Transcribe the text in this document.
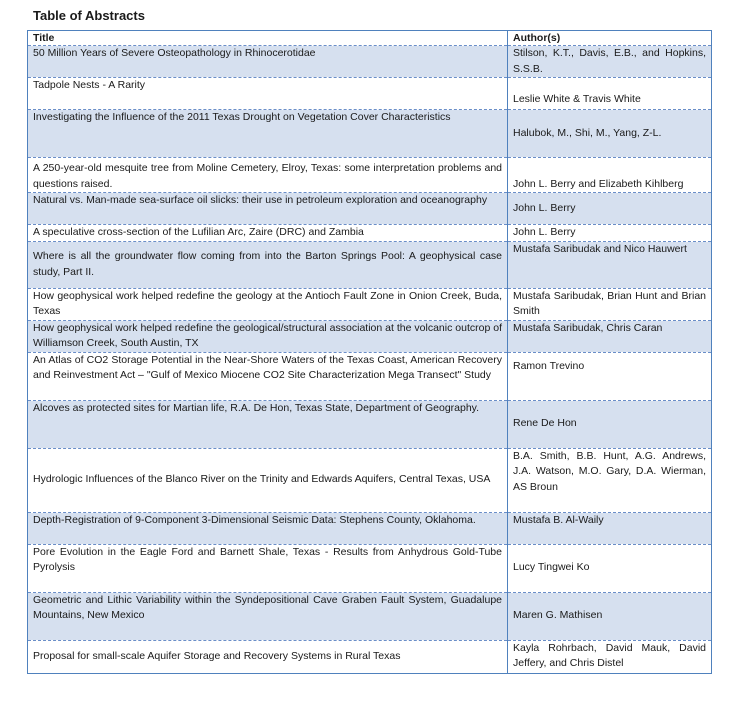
Table of Abstracts
Title	Author(s)
50 Million Years of Severe Osteopathology in Rhinocerotidae	Stilson, K.T., Davis, E.B., and Hopkins, S.S.B.
Tadpole Nests - A Rarity	Leslie White & Travis White
Investigating the Influence of the 2011 Texas Drought on Vegetation Cover Characteristics	Halubok, M., Shi, M., Yang, Z-L.
A 250-year-old mesquite tree from Moline Cemetery, Elroy, Texas: some interpretation problems and questions raised.	John L. Berry and Elizabeth Kihlberg
Natural vs. Man-made sea-surface oil slicks: their use in petroleum exploration and oceanography	John L. Berry
A speculative cross-section of the Lufilian Arc, Zaire (DRC) and Zambia	John L. Berry
Where is all the groundwater flow coming from into the Barton Springs Pool: A geophysical case study, Part II.	Mustafa Saribudak and Nico Hauwert
How geophysical work helped redefine the geology at the Antioch Fault Zone in Onion Creek, Buda, Texas	Mustafa Saribudak, Brian Hunt and Brian Smith
How geophysical work helped redefine the geological/structural association at the volcanic outcrop of Williamson Creek, South Austin, TX	Mustafa Saribudak, Chris Caran
An Atlas of CO2 Storage Potential in the Near-Shore Waters of the Texas Coast, American Recovery and Reinvestment Act – "Gulf of Mexico Miocene CO2 Site Characterization Mega Transect" Study	Ramon Trevino
Alcoves as protected sites for Martian life, R.A. De Hon, Texas State, Department of Geography.	Rene De Hon
Hydrologic Influences of the Blanco River on the Trinity and Edwards Aquifers, Central Texas, USA	B.A. Smith, B.B. Hunt, A.G. Andrews, J.A. Watson, M.O. Gary, D.A. Wierman, AS Broun
Depth-Registration of 9-Component 3-Dimensional Seismic Data: Stephens County, Oklahoma.	Mustafa B. Al-Waily
Pore Evolution in the Eagle Ford and Barnett Shale, Texas - Results from Anhydrous Gold-Tube Pyrolysis	Lucy Tingwei Ko
Geometric and Lithic Variability within the Syndepositional Cave Graben Fault System, Guadalupe Mountains, New Mexico	Maren G. Mathisen
Proposal for small-scale Aquifer Storage and Recovery Systems in Rural Texas	Kayla Rohrbach, David Mauk, David Jeffery, and Chris Distel
